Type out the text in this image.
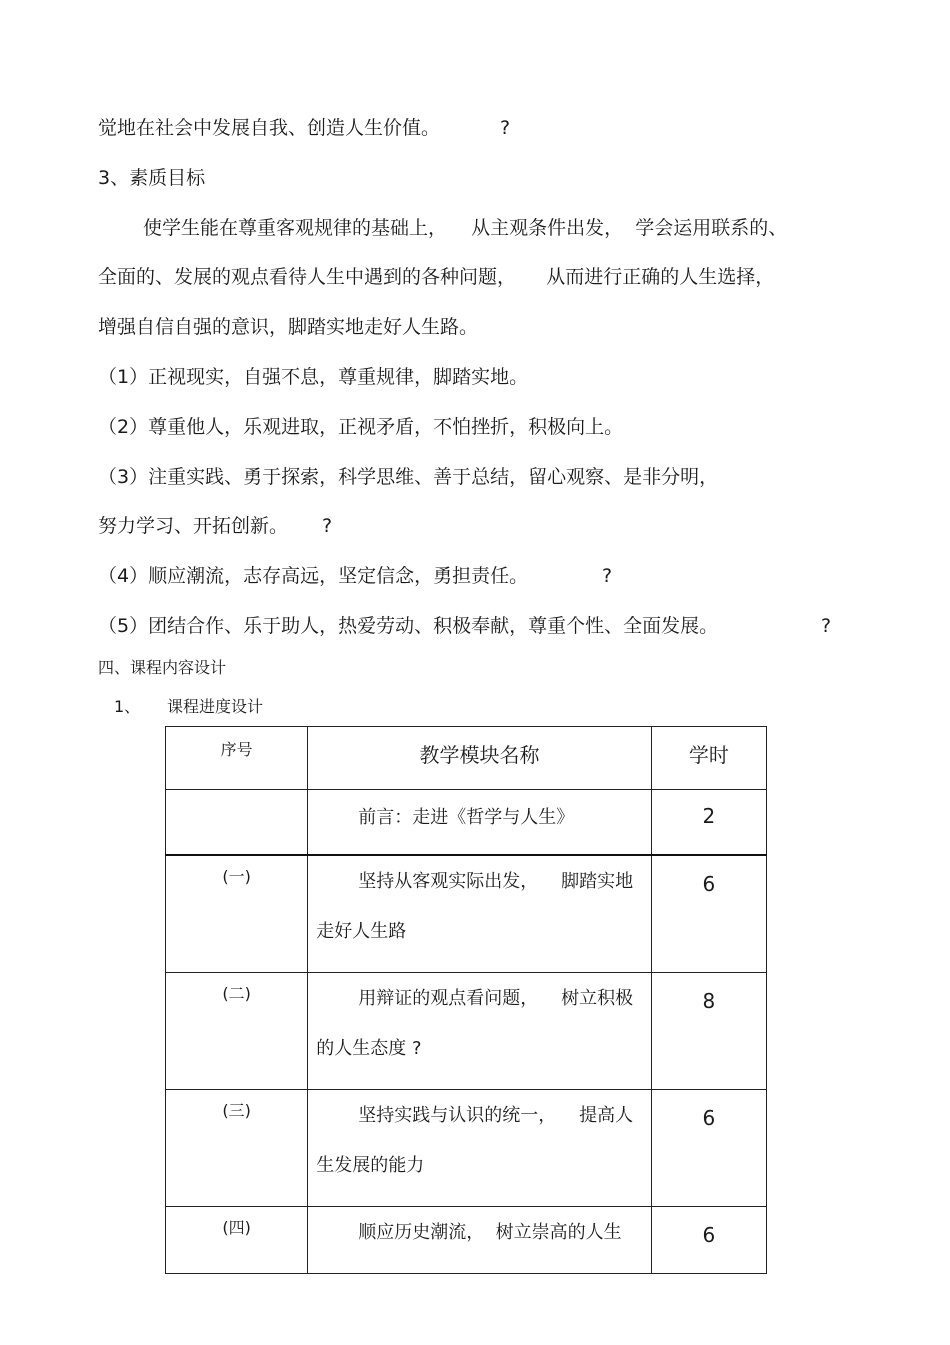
觉地在社会中发展自我、创造人生价值。	?
3、素质目标
使学生能在尊重客观规律的基础上，    从主观条件出发，  学会运用联系的、
全面的、发展的观点看待人生中遇到的各种问题，     从而进行正确的人生选择，
增强自信自强的意识，脚踏实地走好人生路。
（1）正视现实，自强不息，尊重规律，脚踏实地。
（2）尊重他人，乐观进取，正视矛盾，不怕挫折，积极向上。
（3）注重实践、勇于探索，科学思维、善于总结，留心观察、是非分明，
努力学习、开拓创新。 ?
（4）顺应潮流，志存高远，坚定信念，勇担责任。	?
（5）团结合作、乐于助人，热爱劳动、积极奉献，尊重个性、全面发展。	?
四、课程内容设计
1、 课程进度设计
序号	教学模块名称	学时
	前言：走进《哲学与人生》	2
(一)	坚持从客观实际出发，    脚踏实地
走好人生路	6
(二)	用辩证的观点看问题，    树立积极
的人生态度 ?	8
(三)	坚持实践与认识的统一，    提高人
生发展的能力	6
(四)	顺应历史潮流，  树立崇高的人生	6
